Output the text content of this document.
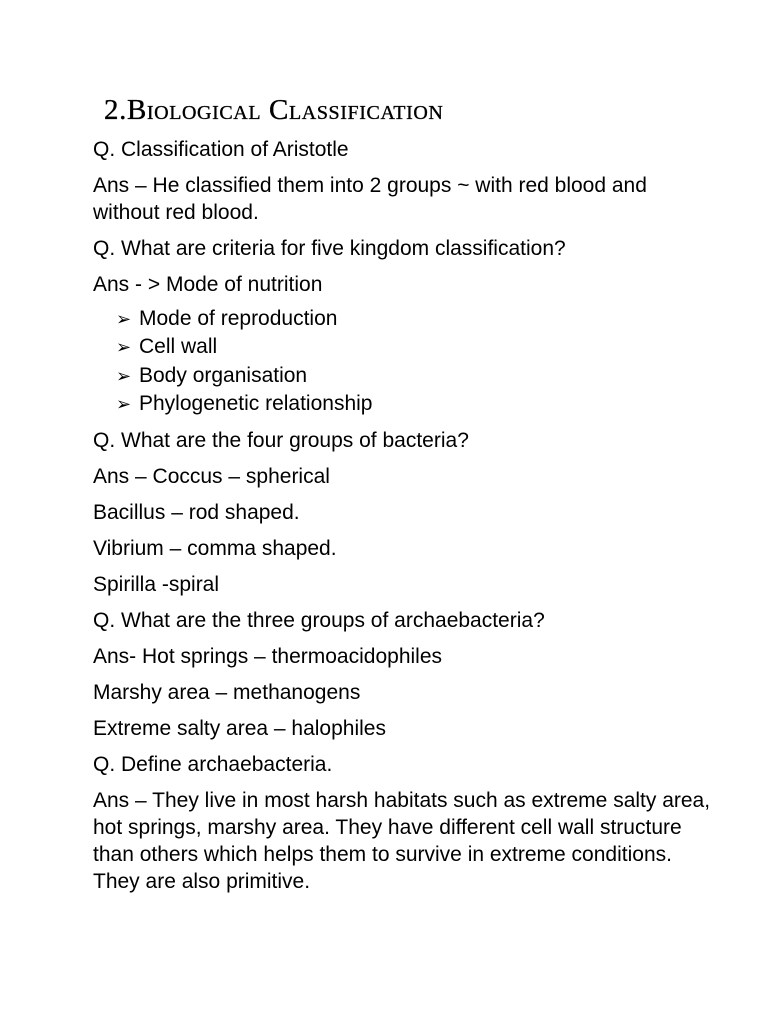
2.Biological Classification

Q. Classification of Aristotle

Ans – He classified them into 2 groups ~ with red blood and without red blood.

Q. What are criteria for five kingdom classification?

Ans - > Mode of nutrition

➢ Mode of reproduction
➢ Cell wall
➢ Body organisation
➢ Phylogenetic relationship

Q. What are the four groups of bacteria?

Ans – Coccus – spherical

Bacillus – rod shaped.

Vibrium – comma shaped.

Spirilla -spiral

Q. What are the three groups of archaebacteria?

Ans- Hot springs – thermoacidophiles

Marshy area – methanogens

Extreme salty area – halophiles

Q. Define archaebacteria.

Ans – They live in most harsh habitats such as extreme salty area, hot springs, marshy area. They have different cell wall structure than others which helps them to survive in extreme conditions. They are also primitive.
